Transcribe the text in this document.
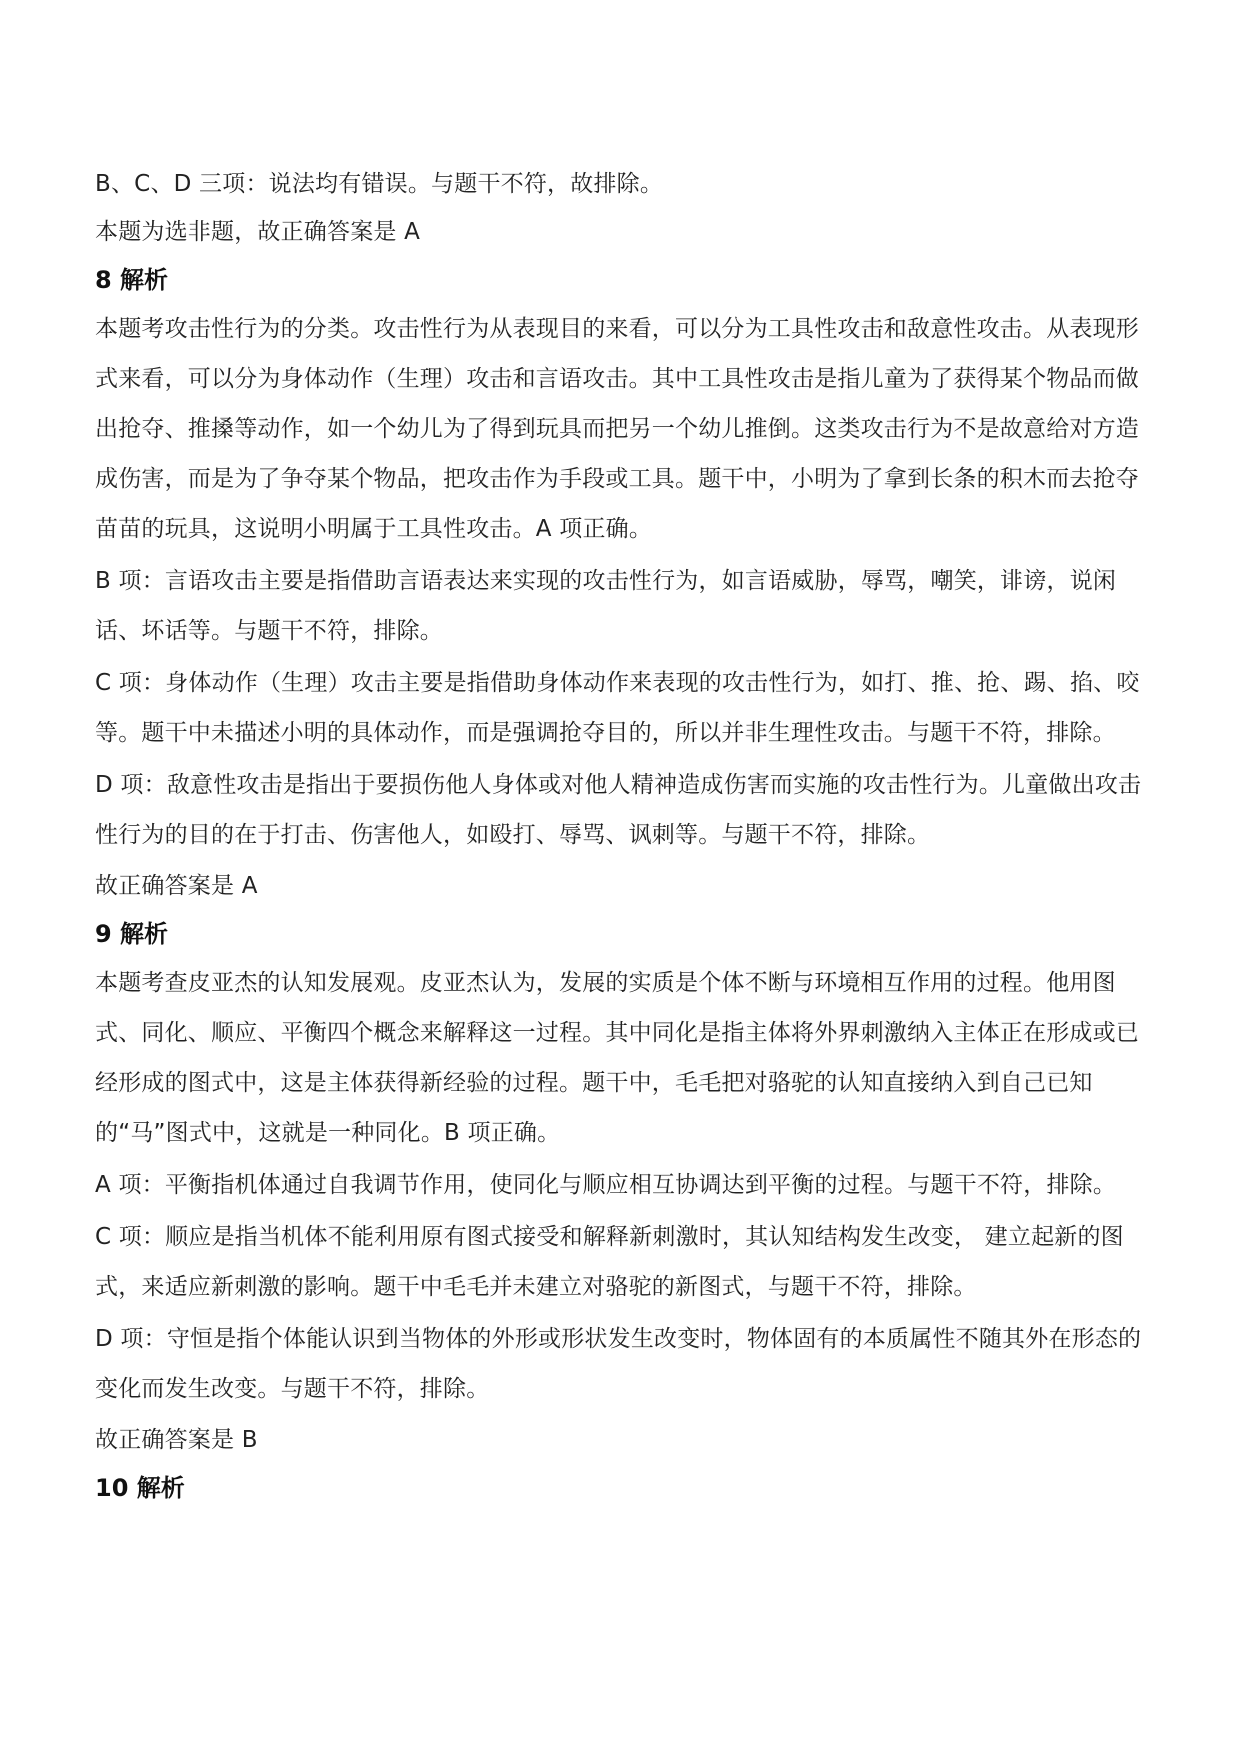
B、C、D 三项：说法均有错误。与题干不符，故排除。

本题为选非题，故正确答案是 A

8 解析

本题考攻击性行为的分类。攻击性行为从表现目的来看，可以分为工具性攻击和敌意性攻击。从表现形式来看，可以分为身体动作（生理）攻击和言语攻击。其中工具性攻击是指儿童为了获得某个物品而做出抢夺、推搡等动作，如一个幼儿为了得到玩具而把另一个幼儿推倒。这类攻击行为不是故意给对方造成伤害，而是为了争夺某个物品，把攻击作为手段或工具。题干中，小明为了拿到长条的积木而去抢夺苗苗的玩具，这说明小明属于工具性攻击。A 项正确。

B 项：言语攻击主要是指借助言语表达来实现的攻击性行为，如言语威胁，辱骂，嘲笑，诽谤，说闲话、坏话等。与题干不符，排除。

C 项：身体动作（生理）攻击主要是指借助身体动作来表现的攻击性行为，如打、推、抢、踢、掐、咬等。题干中未描述小明的具体动作，而是强调抢夺目的，所以并非生理性攻击。与题干不符，排除。

D 项：敌意性攻击是指出于要损伤他人身体或对他人精神造成伤害而实施的攻击性行为。儿童做出攻击性行为的目的在于打击、伤害他人，如殴打、辱骂、讽刺等。与题干不符，排除。

故正确答案是 A

9 解析

本题考查皮亚杰的认知发展观。皮亚杰认为，发展的实质是个体不断与环境相互作用的过程。他用图式、同化、顺应、平衡四个概念来解释这一过程。其中同化是指主体将外界刺激纳入主体正在形成或已经形成的图式中，这是主体获得新经验的过程。题干中，毛毛把对骆驼的认知直接纳入到自己已知的“马”图式中，这就是一种同化。B 项正确。

A 项：平衡指机体通过自我调节作用，使同化与顺应相互协调达到平衡的过程。与题干不符，排除。

C 项：顺应是指当机体不能利用原有图式接受和解释新刺激时，其认知结构发生改变， 建立起新的图式，来适应新刺激的影响。题干中毛毛并未建立对骆驼的新图式，与题干不符，排除。

D 项：守恒是指个体能认识到当物体的外形或形状发生改变时，物体固有的本质属性不随其外在形态的变化而发生改变。与题干不符，排除。

故正确答案是 B

10 解析
